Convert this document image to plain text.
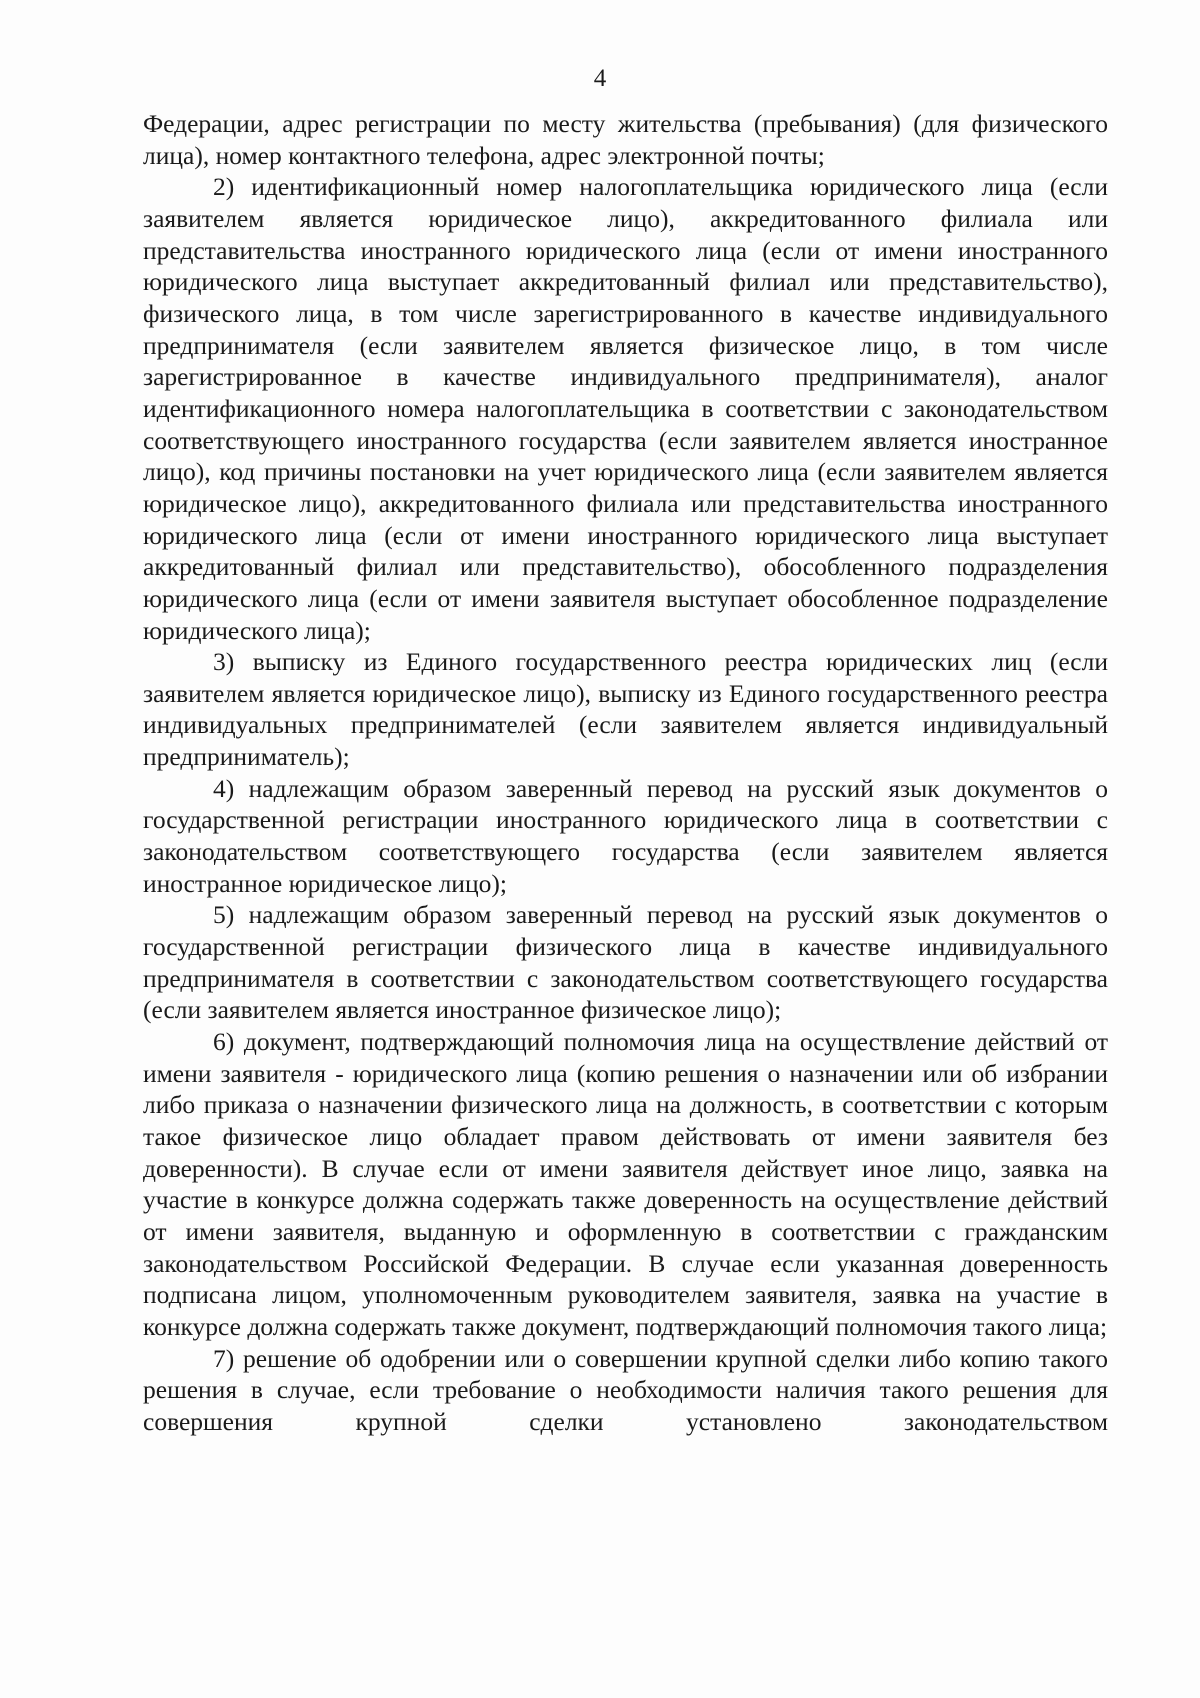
4

Федерации, адрес регистрации по месту жительства (пребывания) (для физического лица), номер контактного телефона, адрес электронной почты;

2) идентификационный номер налогоплательщика юридического лица (если заявителем является юридическое лицо), аккредитованного филиала или представительства иностранного юридического лица (если от имени иностранного юридического лица выступает аккредитованный филиал или представительство), физического лица, в том числе зарегистрированного в качестве индивидуального предпринимателя (если заявителем является физическое лицо, в том числе зарегистрированное в качестве индивидуального предпринимателя), аналог идентификационного номера налогоплательщика в соответствии с законодательством соответствующего иностранного государства (если заявителем является иностранное лицо), код причины постановки на учет юридического лица (если заявителем является юридическое лицо), аккредитованного филиала или представительства иностранного юридического лица (если от имени иностранного юридического лица выступает аккредитованный филиал или представительство), обособленного подразделения юридического лица (если от имени заявителя выступает обособленное подразделение юридического лица);

3) выписку из Единого государственного реестра юридических лиц (если заявителем является юридическое лицо), выписку из Единого государственного реестра индивидуальных предпринимателей (если заявителем является индивидуальный предприниматель);

4) надлежащим образом заверенный перевод на русский язык документов о государственной регистрации иностранного юридического лица в соответствии с законодательством соответствующего государства (если заявителем является иностранное юридическое лицо);

5) надлежащим образом заверенный перевод на русский язык документов о государственной регистрации физического лица в качестве индивидуального предпринимателя в соответствии с законодательством соответствующего государства (если заявителем является иностранное физическое лицо);

6) документ, подтверждающий полномочия лица на осуществление действий от имени заявителя - юридического лица (копию решения о назначении или об избрании либо приказа о назначении физического лица на должность, в соответствии с которым такое физическое лицо обладает правом действовать от имени заявителя без доверенности). В случае если от имени заявителя действует иное лицо, заявка на участие в конкурсе должна содержать также доверенность на осуществление действий от имени заявителя, выданную и оформленную в соответствии с гражданским законодательством Российской Федерации. В случае если указанная доверенность подписана лицом, уполномоченным руководителем заявителя, заявка на участие в конкурсе должна содержать также документ, подтверждающий полномочия такого лица;

7) решение об одобрении или о совершении крупной сделки либо копию такого решения в случае, если требование о необходимости наличия такого решения для совершения крупной сделки установлено законодательством
